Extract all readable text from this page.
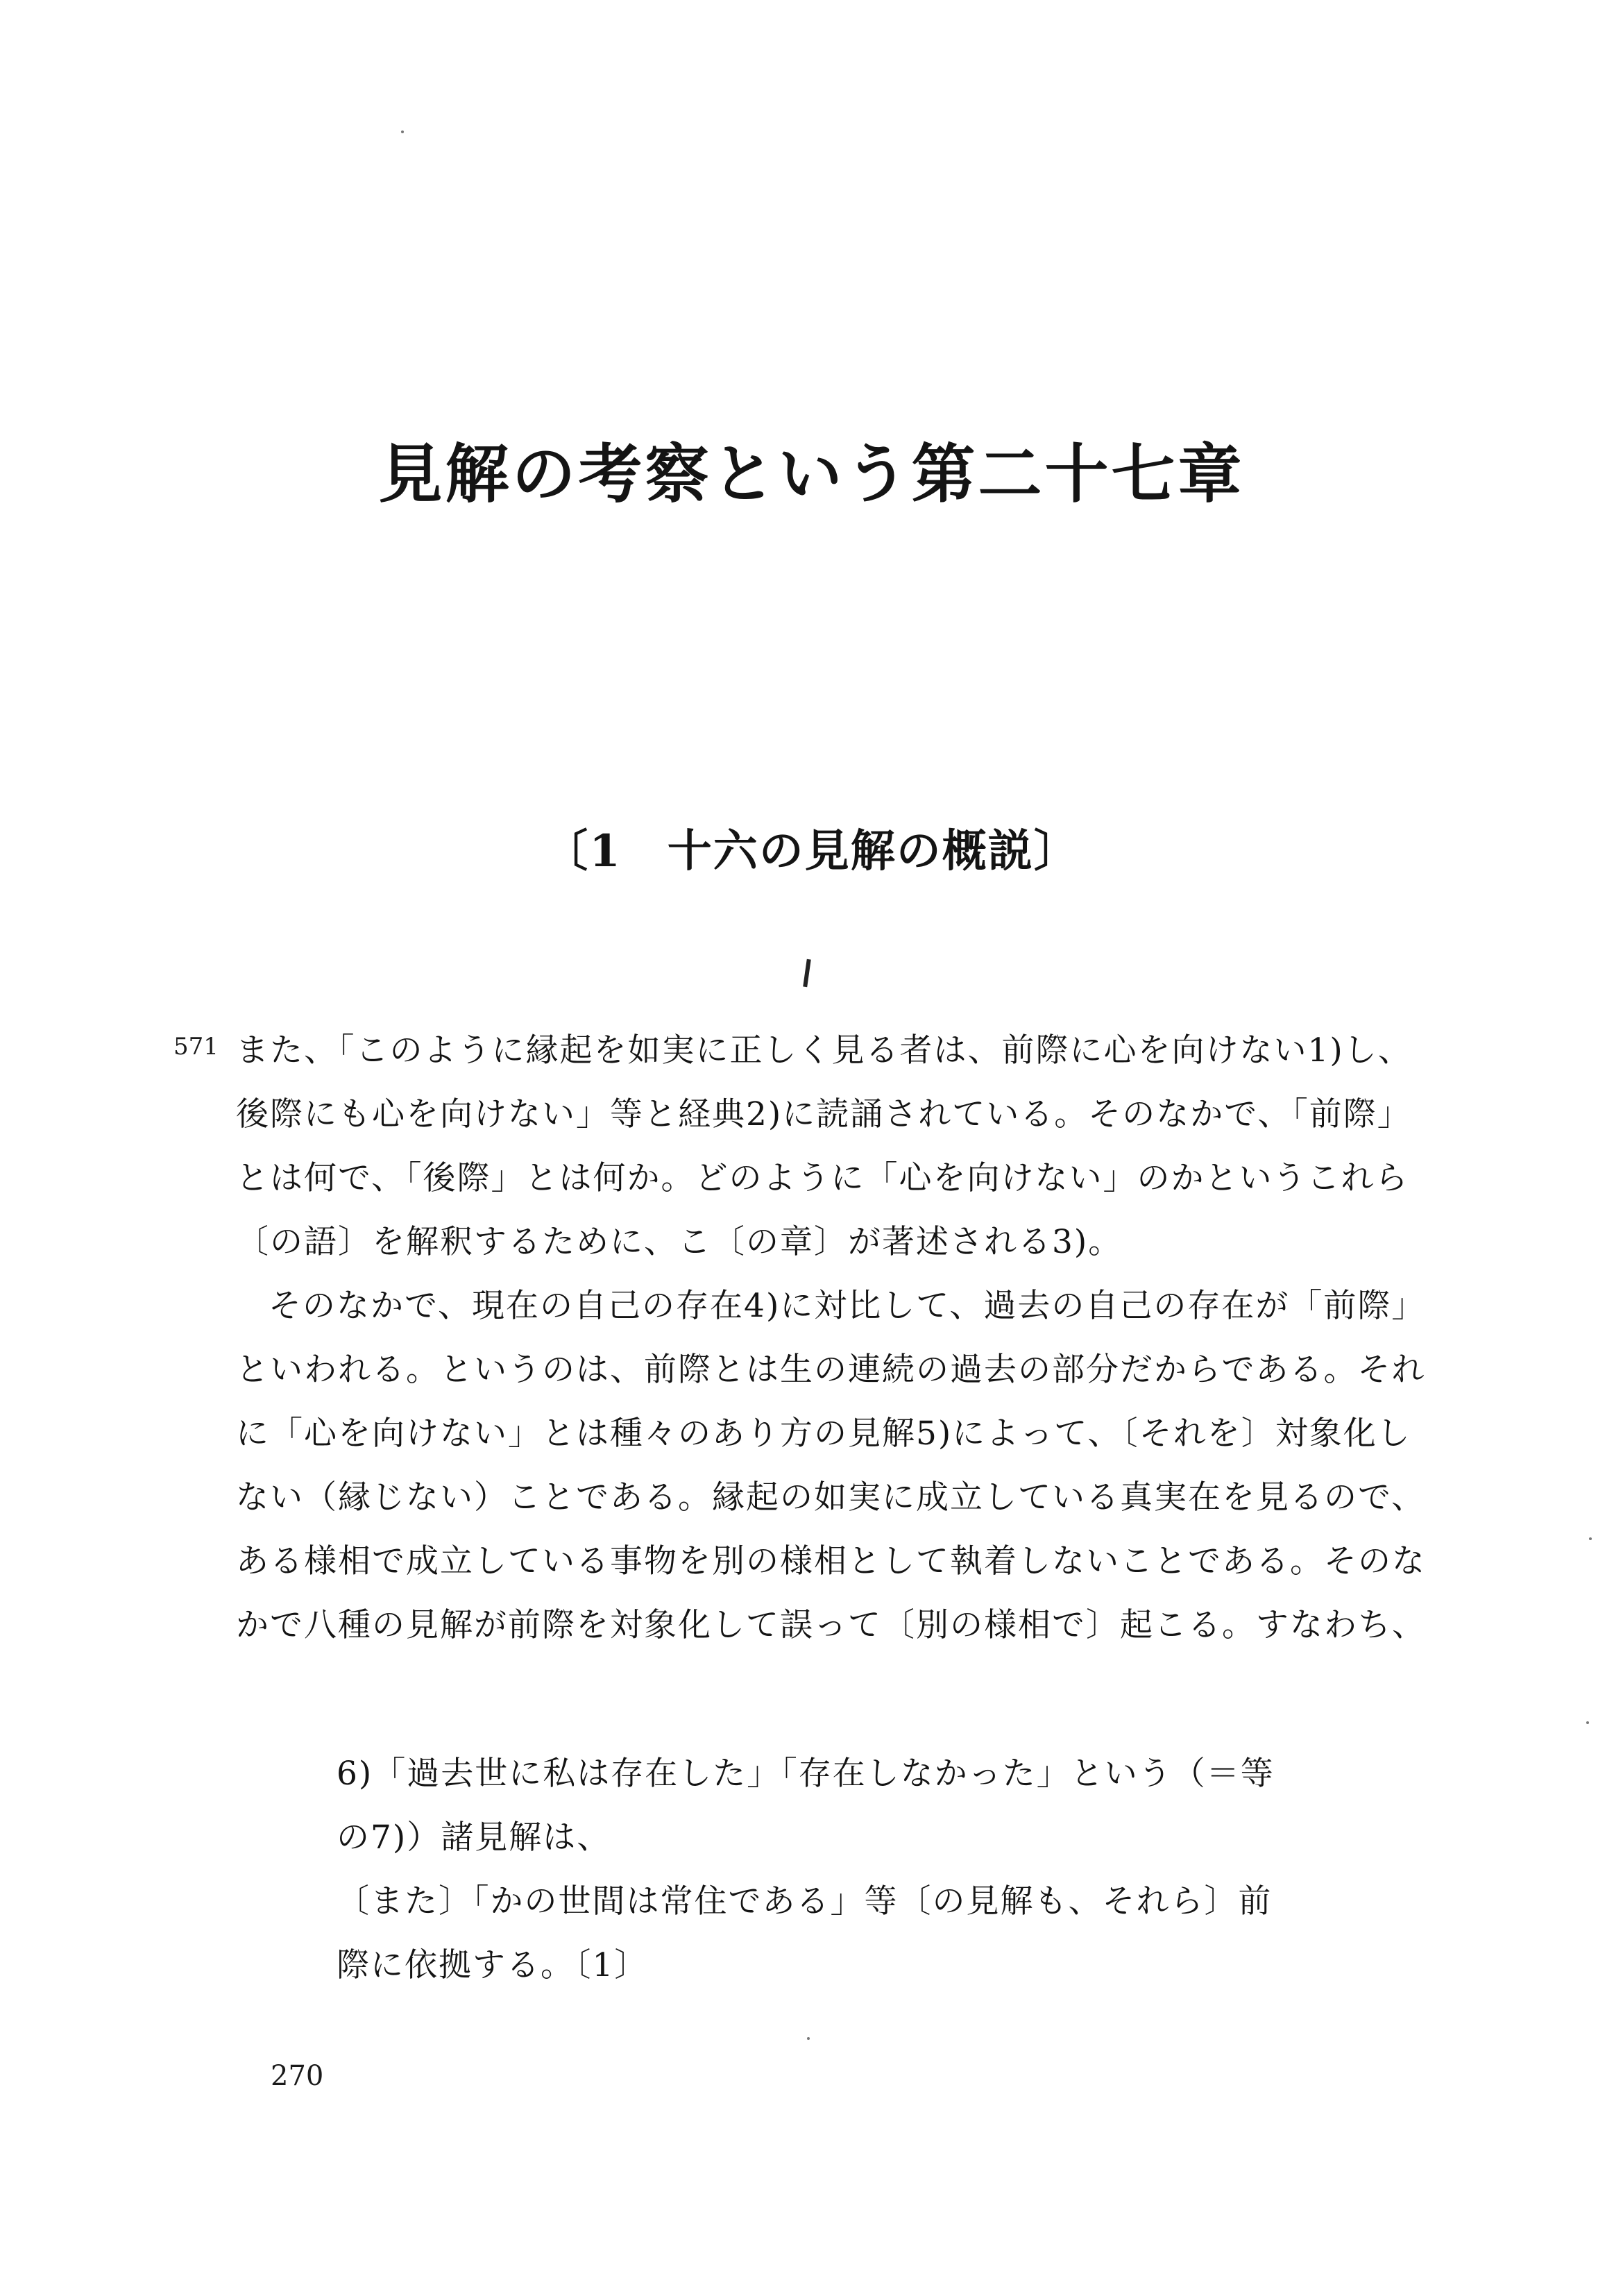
見解の考察という第二十七章
〔1　十六の見解の概説〕
571 また、「このように縁起を如実に正しく見る者は、前際に心を向けない1)し、後際にも心を向けない」等と経典2)に読誦されている。そのなかで、「前際」とは何で、「後際」とは何か。どのように「心を向けない」のかというこれら〔の語〕を解釈するために、こ〔の章〕が著述される3)。

そのなかで、現在の自己の存在4)に対比して、過去の自己の存在が「前際」といわれる。というのは、前際とは生の連続の過去の部分だからである。それに「心を向けない」とは種々のあり方の見解5)によって、〔それを〕対象化しない（縁じない）ことである。縁起の如実に成立している真実在を見るので、ある様相で成立している事物を別の様相として執着しないことである。そのなかで八種の見解が前際を対象化して誤って〔別の様相で〕起こる。すなわち、

6)「過去世に私は存在した」「存在しなかった」という（＝等
の7)）諸見解は、
〔また〕「かの世間は常住である」等〔の見解も、それら〕前
際に依拠する。〔1〕
270
